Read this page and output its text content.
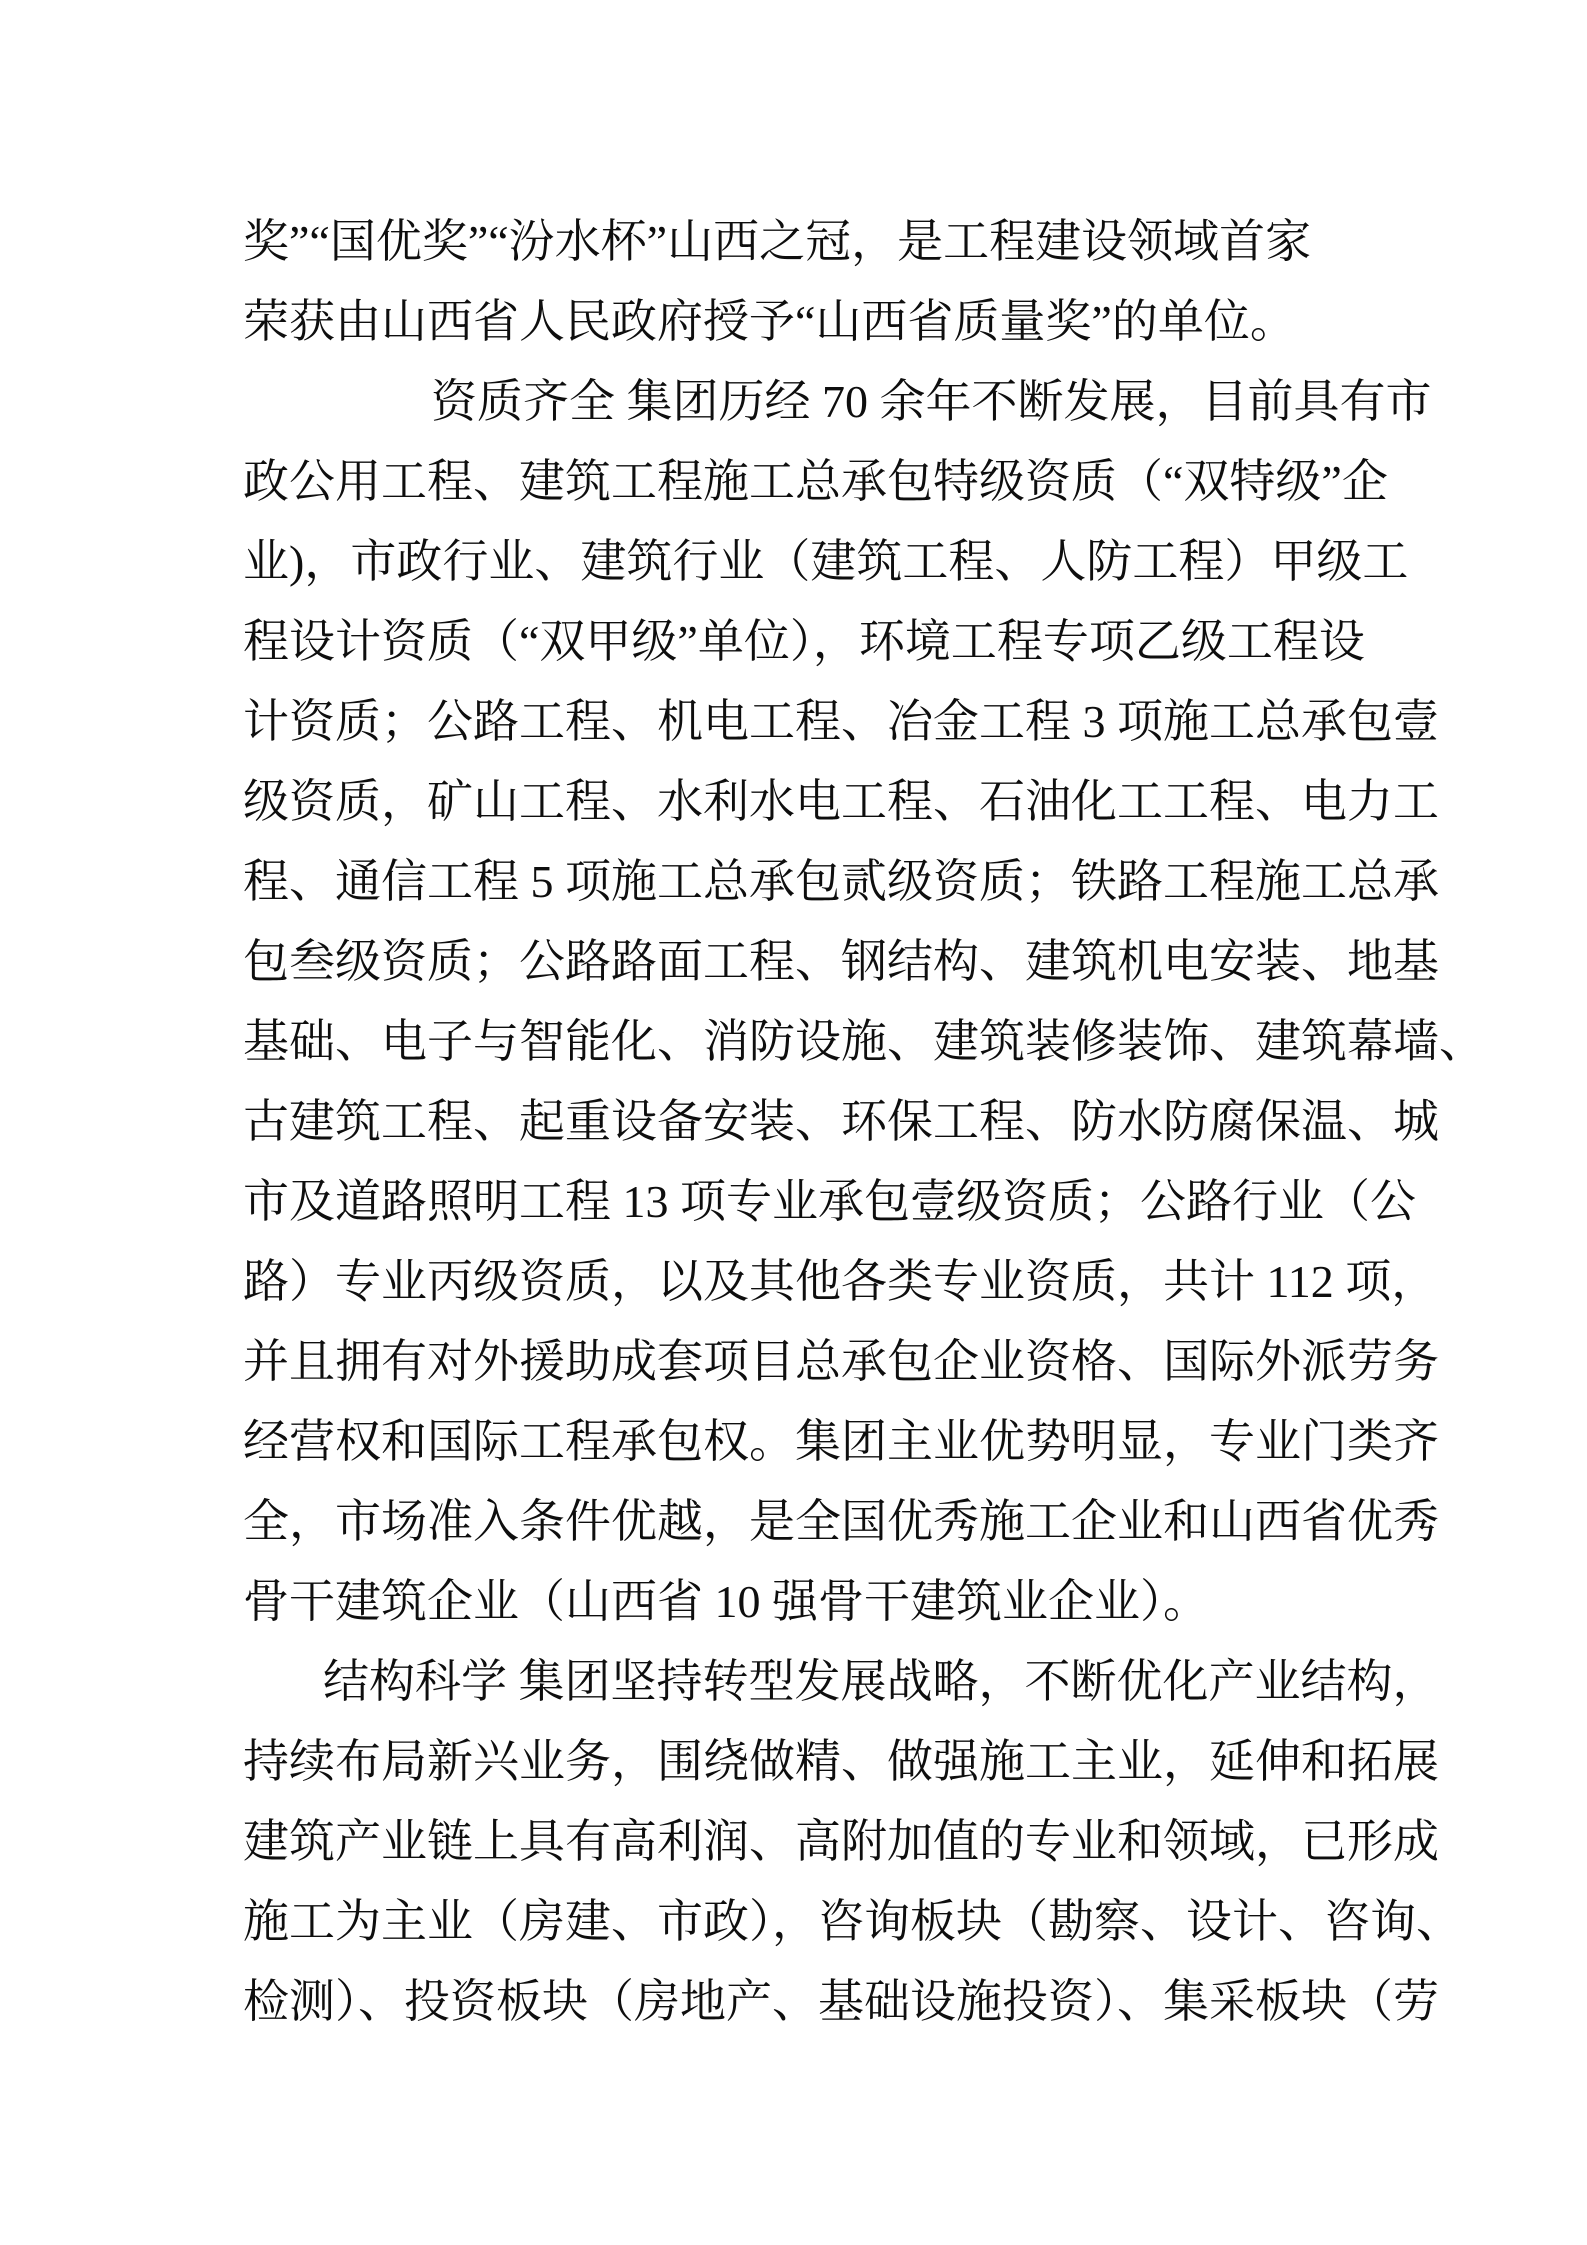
奖”“国优奖”“汾水杯”山西之冠，是工程建设领域首家
荣获由山西省人民政府授予“山西省质量奖”的单位。
资质齐全 集团历经 70 余年不断发展，目前具有市
政公用工程、建筑工程施工总承包特级资质（“双特级”企
业)，市政行业、建筑行业（建筑工程、人防工程）甲级工
程设计资质（“双甲级”单位），环境工程专项乙级工程设
计资质；公路工程、机电工程、冶金工程 3 项施工总承包壹
级资质，矿山工程、水利水电工程、石油化工工程、电力工
程、通信工程 5 项施工总承包贰级资质；铁路工程施工总承
包叁级资质；公路路面工程、钢结构、建筑机电安装、地基
基础、电子与智能化、消防设施、建筑装修装饰、建筑幕墙、
古建筑工程、起重设备安装、环保工程、防水防腐保温、城
市及道路照明工程 13 项专业承包壹级资质；公路行业（公
路）专业丙级资质，以及其他各类专业资质，共计 112 项，
并且拥有对外援助成套项目总承包企业资格、国际外派劳务
经营权和国际工程承包权。集团主业优势明显，专业门类齐
全，市场准入条件优越，是全国优秀施工企业和山西省优秀
骨干建筑企业（山西省 10 强骨干建筑业企业）。
结构科学 集团坚持转型发展战略，不断优化产业结构，
持续布局新兴业务，围绕做精、做强施工主业，延伸和拓展
建筑产业链上具有高利润、高附加值的专业和领域，已形成
施工为主业（房建、市政），咨询板块（勘察、设计、咨询、
检测）、投资板块（房地产、基础设施投资）、集采板块（劳
